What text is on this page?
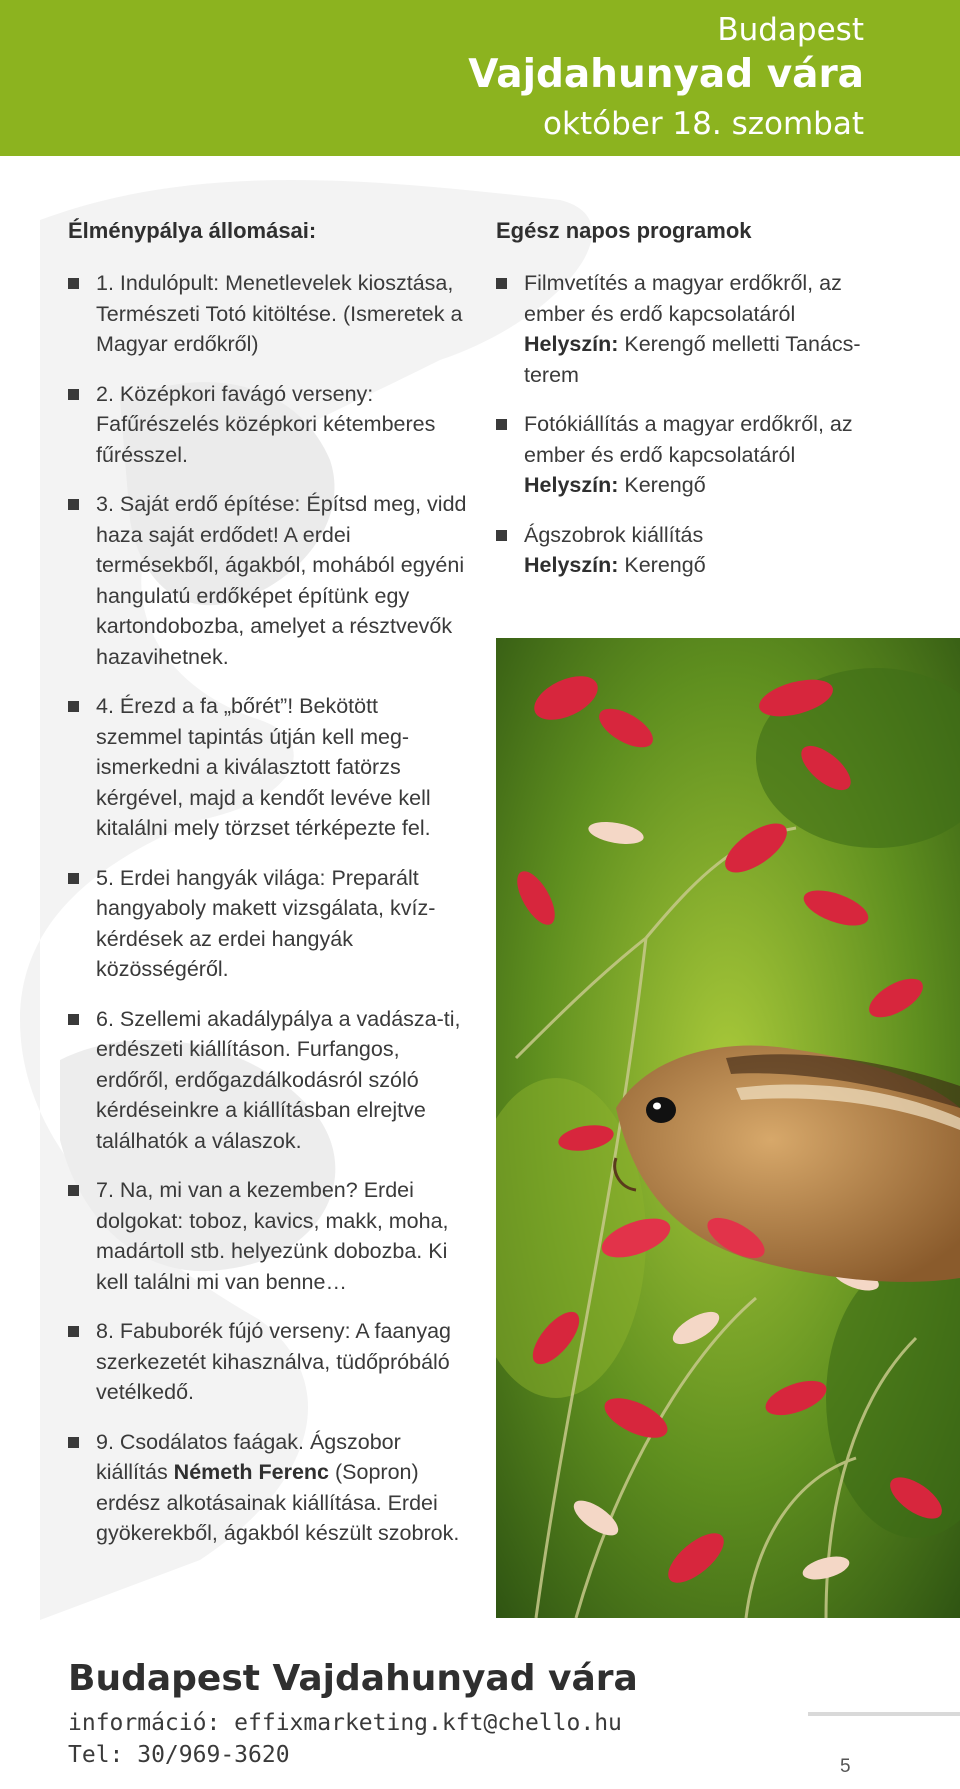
Budapest
Vajdahunyad vára
október 18. szombat
Élménypálya állomásai:
1. Indulópult: Menetlevelek kiosztása, Természeti Totó kitöltése. (Ismeretek a Magyar erdőkről)
2. Középkori favágó verseny: Fafűrészelés középkori kétemberes fűrésszel.
3. Saját erdő építése: Építsd meg, vidd haza saját erdődet! A erdei termésekből, ágakból, mohából egyéni hangulatú erdőképet építünk egy kartondobozba, amelyet a résztvevők hazavihetnek.
4. Érezd a fa „bőrét”! Bekötött szemmel tapintás útján kell meg-ismerkedni a kiválasztott fatörzs kérgével, majd a kendőt levéve kell kitalálni mely törzset térképezte fel.
5. Erdei hangyák világa: Preparált hangyaboly makett vizsgálata, kvíz-kérdések az erdei hangyák közösségéről.
6. Szellemi akadálypálya a vadásza-ti, erdészeti kiállításon. Furfangos, erdőről, erdőgazdálkodásról szóló kérdéseinkre a kiállításban elrejtve találhatók a válaszok.
7. Na, mi van a kezemben? Erdei dolgokat: toboz, kavics, makk, moha, madártoll stb. helyezünk dobozba. Ki kell találni mi van benne…
8. Fabuborék fújó verseny: A faanyag szerkezetét kihasználva, tüdőpróbáló vetélkedő.
9. Csodálatos faágak. Ágszobor kiállítás Németh Ferenc (Sopron) erdész alkotásainak kiállítása. Erdei gyökerekből, ágakból készült szobrok.
Egész napos programok
Filmvetítés a magyar erdőkről, az ember és erdő kapcsolatáról
Helyszín: Kerengő melletti Tanács-terem
Fotókiállítás a magyar erdőkről, az ember és erdő kapcsolatáról
Helyszín: Kerengő
Ágszobrok kiállítás
Helyszín: Kerengő
Budapest Vajdahunyad vára
információ: effixmarketing.kft@chello.hu
Tel: 30/969-3620	5
